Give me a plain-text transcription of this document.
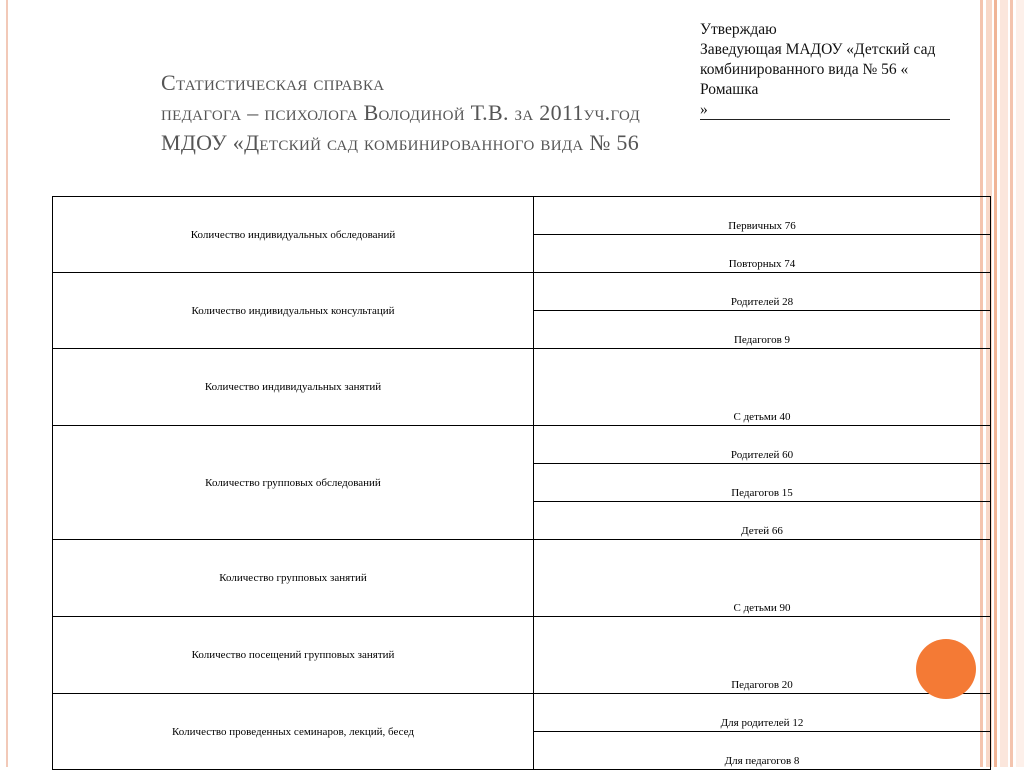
Утверждаю
Заведующая МАДОУ «Детский сад
комбинированного вида № 56 « Ромашка
»
Статистическая справка
педагога – психолога Володиной Т.В. за 2011уч.год
МДОУ «Детский сад комбинированного вида № 56
Количество индивидуальных обследований	Первичных 76
	Повторных 74
Количество индивидуальных консультаций	Родителей 28
	Педагогов 9
Количество индивидуальных занятий	С детьми 40
Количество групповых обследований	Родителей 60
	Педагогов 15
	Детей 66
Количество групповых занятий	С детьми 90
Количество посещений групповых занятий	Педагогов 20
Количество проведенных семинаров, лекций, бесед	Для родителей 12
	Для педагогов 8
